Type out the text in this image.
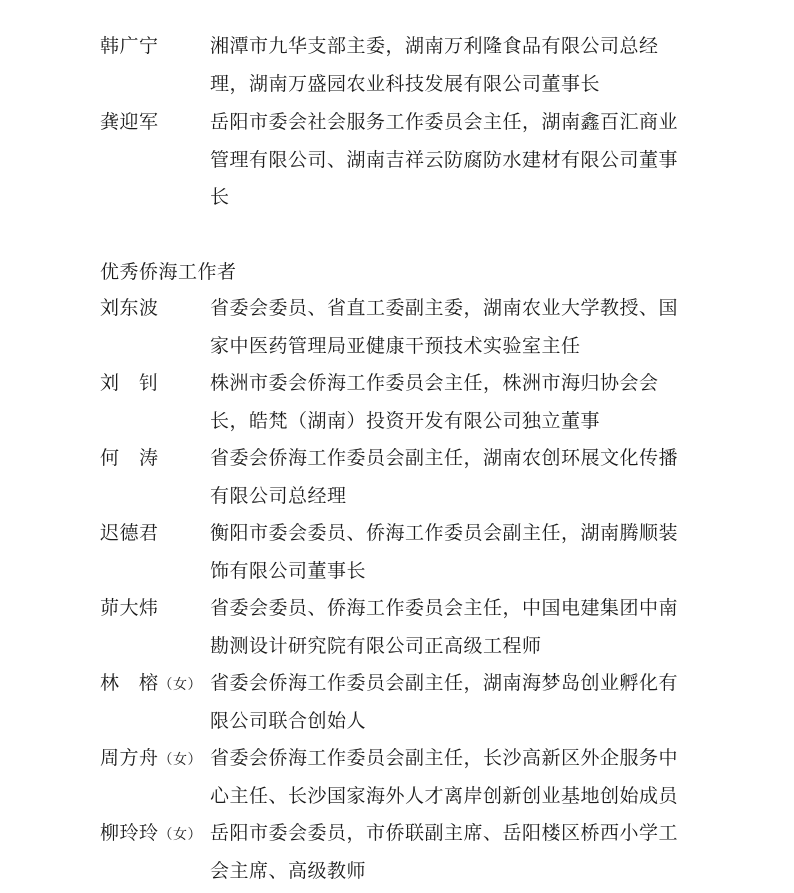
韩广宁	湘潭市九华支部主委，湖南万利隆食品有限公司总经理，湖南万盛园农业科技发展有限公司董事长
龚迎军	岳阳市委会社会服务工作委员会主任，湖南鑫百汇商业管理有限公司、湖南吉祥云防腐防水建材有限公司董事长
优秀侨海工作者
刘东波	省委会委员、省直工委副主委，湖南农业大学教授、国家中医药管理局亚健康干预技术实验室主任
刘　钊	株洲市委会侨海工作委员会主任，株洲市海归协会会长，皓梵（湖南）投资开发有限公司独立董事
何　涛	省委会侨海工作委员会副主任，湖南农创环展文化传播有限公司总经理
迟德君	衡阳市委会委员、侨海工作委员会副主任，湖南腾顺装饰有限公司董事长
茆大炜	省委会委员、侨海工作委员会主任，中国电建集团中南勘测设计研究院有限公司正高级工程师
林　榕（女） 省委会侨海工作委员会副主任，湖南海梦岛创业孵化有限公司联合创始人
周方舟（女） 省委会侨海工作委员会副主任，长沙高新区外企服务中心主任、长沙国家海外人才离岸创新创业基地创始成员
柳玲玲（女） 岳阳市委会委员，市侨联副主席、岳阳楼区桥西小学工会主席、高级教师
